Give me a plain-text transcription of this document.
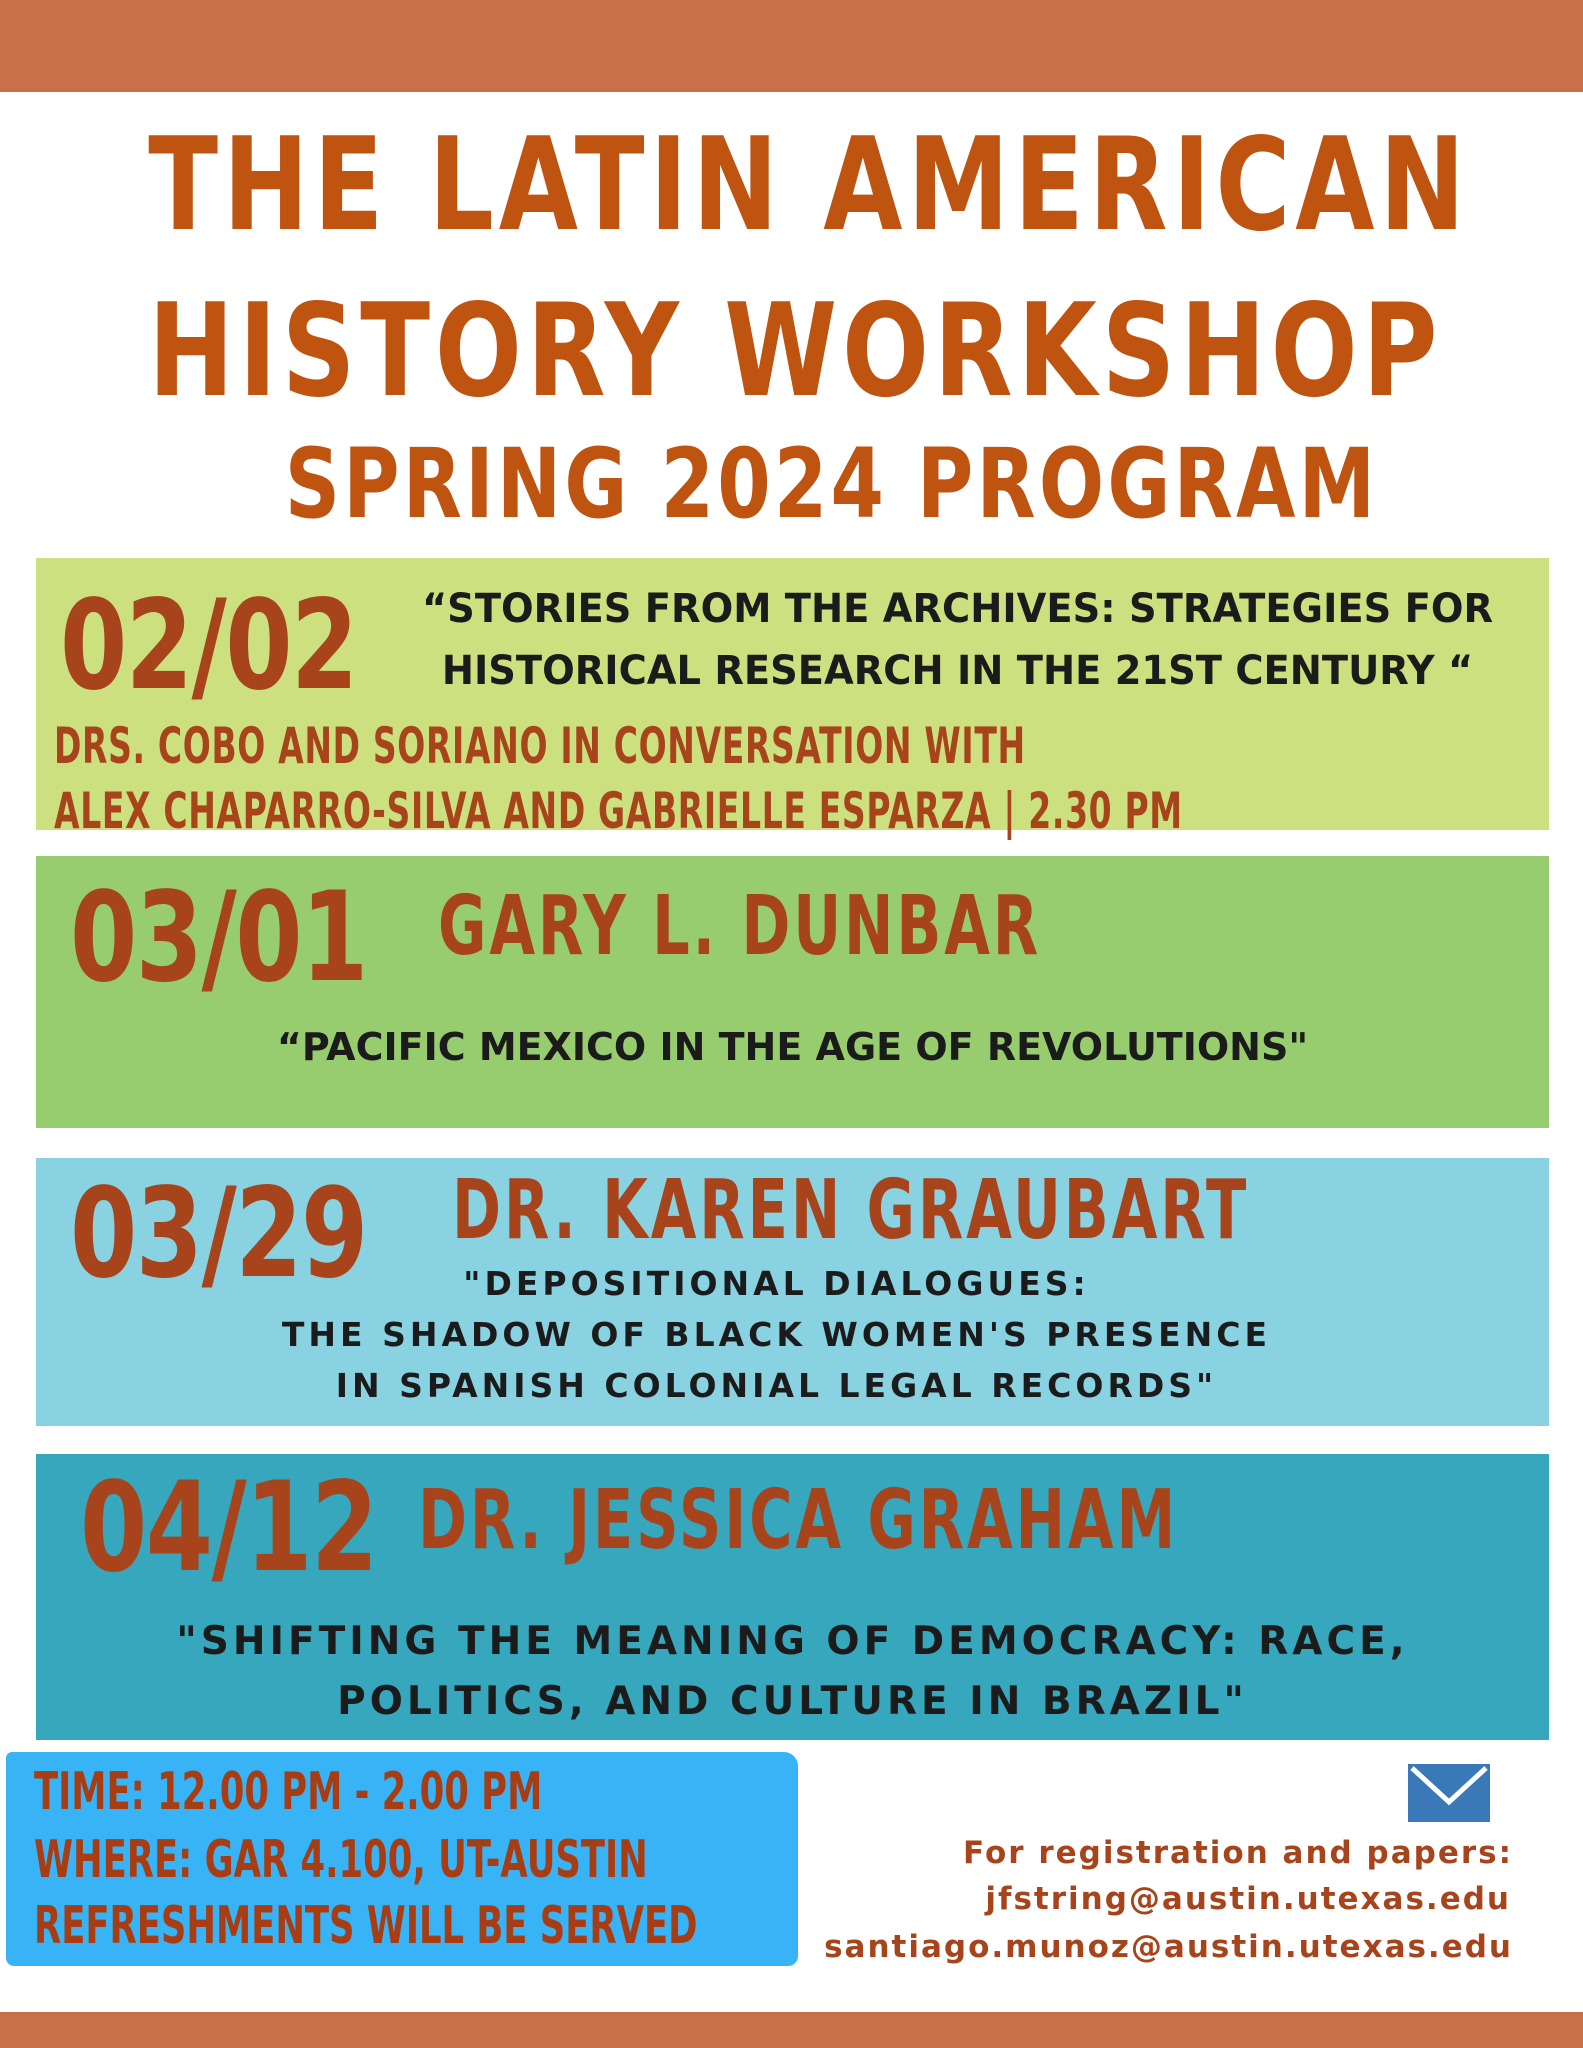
THE LATIN AMERICAN
HISTORY WORKSHOP
SPRING 2024 PROGRAM
02/02	“STORIES FROM THE ARCHIVES: STRATEGIES FOR
HISTORICAL RESEARCH IN THE 21ST CENTURY “
DRS. COBO AND SORIANO IN CONVERSATION WITH
ALEX CHAPARRO-SILVA AND GABRIELLE ESPARZA | 2.30 PM
03/01 GARY L. DUNBAR
“PACIFIC MEXICO IN THE AGE OF REVOLUTIONS"
03/29 DR. KAREN GRAUBART
"DEPOSITIONAL DIALOGUES:
THE SHADOW OF BLACK WOMEN'S PRESENCE
IN SPANISH COLONIAL LEGAL RECORDS"
04/12 DR. JESSICA GRAHAM
"SHIFTING THE MEANING OF DEMOCRACY: RACE,
POLITICS, AND CULTURE IN BRAZIL"
TIME: 12.00 PM - 2.00 PM
WHERE: GAR 4.100, UT-AUSTIN
REFRESHMENTS WILL BE SERVED
For registration and papers:
jfstring@austin.utexas.edu
santiago.munoz@austin.utexas.edu
